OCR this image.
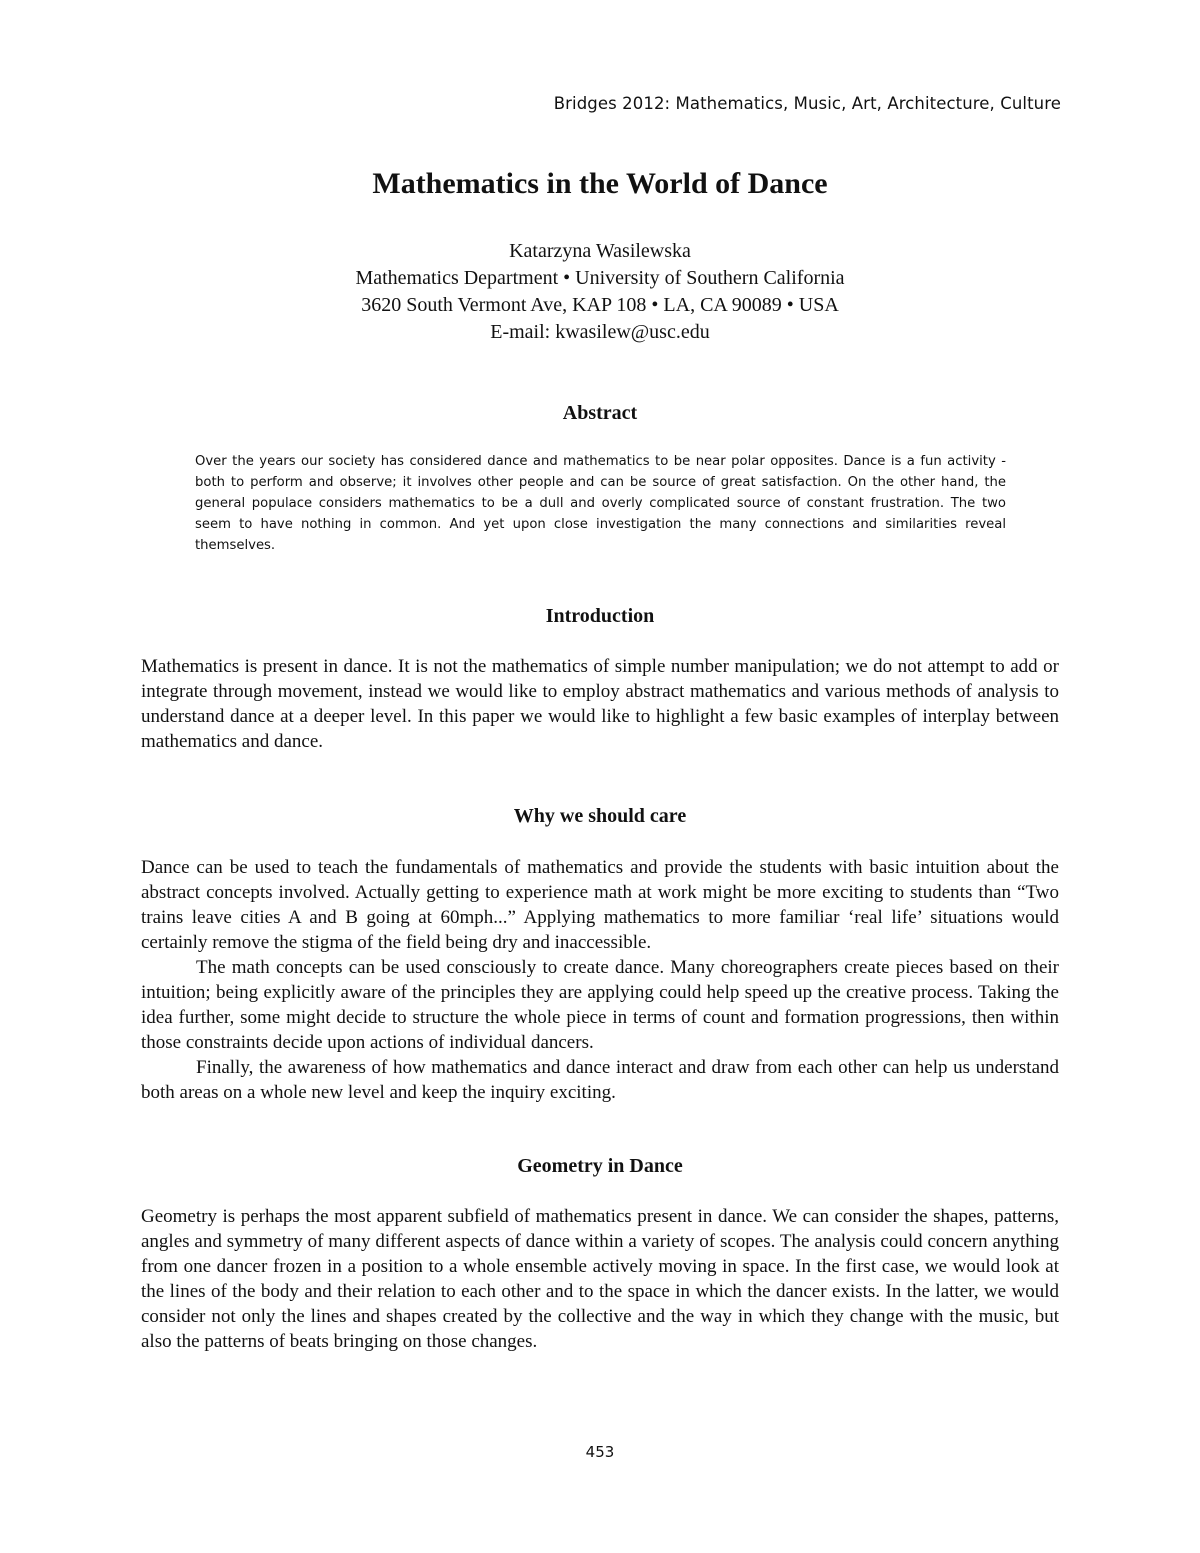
Bridges 2012: Mathematics, Music, Art, Architecture, Culture
Mathematics in the World of Dance
Katarzyna Wasilewska
Mathematics Department • University of Southern California
3620 South Vermont Ave, KAP 108 • LA, CA 90089 • USA
E-mail: kwasilew@usc.edu
Abstract

Over the years our society has considered dance and mathematics to be near polar opposites. Dance is a fun activity - both to perform and observe; it involves other people and can be source of great satisfaction. On the other hand, the general populace considers mathematics to be a dull and overly complicated source of constant frustration. The two seem to have nothing in common. And yet upon close investigation the many connections and similarities reveal themselves.

Introduction

Mathematics is present in dance. It is not the mathematics of simple number manipulation; we do not attempt to add or integrate through movement, instead we would like to employ abstract mathematics and various methods of analysis to understand dance at a deeper level. In this paper we would like to highlight a few basic examples of interplay between mathematics and dance.

Why we should care

Dance can be used to teach the fundamentals of mathematics and provide the students with basic intuition about the abstract concepts involved. Actually getting to experience math at work might be more exciting to students than “Two trains leave cities A and B going at 60mph...” Applying mathematics to more familiar ‘real life’ situations would certainly remove the stigma of the field being dry and inaccessible.

The math concepts can be used consciously to create dance. Many choreographers create pieces based on their intuition; being explicitly aware of the principles they are applying could help speed up the creative process. Taking the idea further, some might decide to structure the whole piece in terms of count and formation progressions, then within those constraints decide upon actions of individual dancers.

Finally, the awareness of how mathematics and dance interact and draw from each other can help us understand both areas on a whole new level and keep the inquiry exciting.

Geometry in Dance

Geometry is perhaps the most apparent subfield of mathematics present in dance. We can consider the shapes, patterns, angles and symmetry of many different aspects of dance within a variety of scopes. The analysis could concern anything from one dancer frozen in a position to a whole ensemble actively moving in space. In the first case, we would look at the lines of the body and their relation to each other and to the space in which the dancer exists. In the latter, we would consider not only the lines and shapes created by the collective and the way in which they change with the music, but also the patterns of beats bringing on those changes.

453
